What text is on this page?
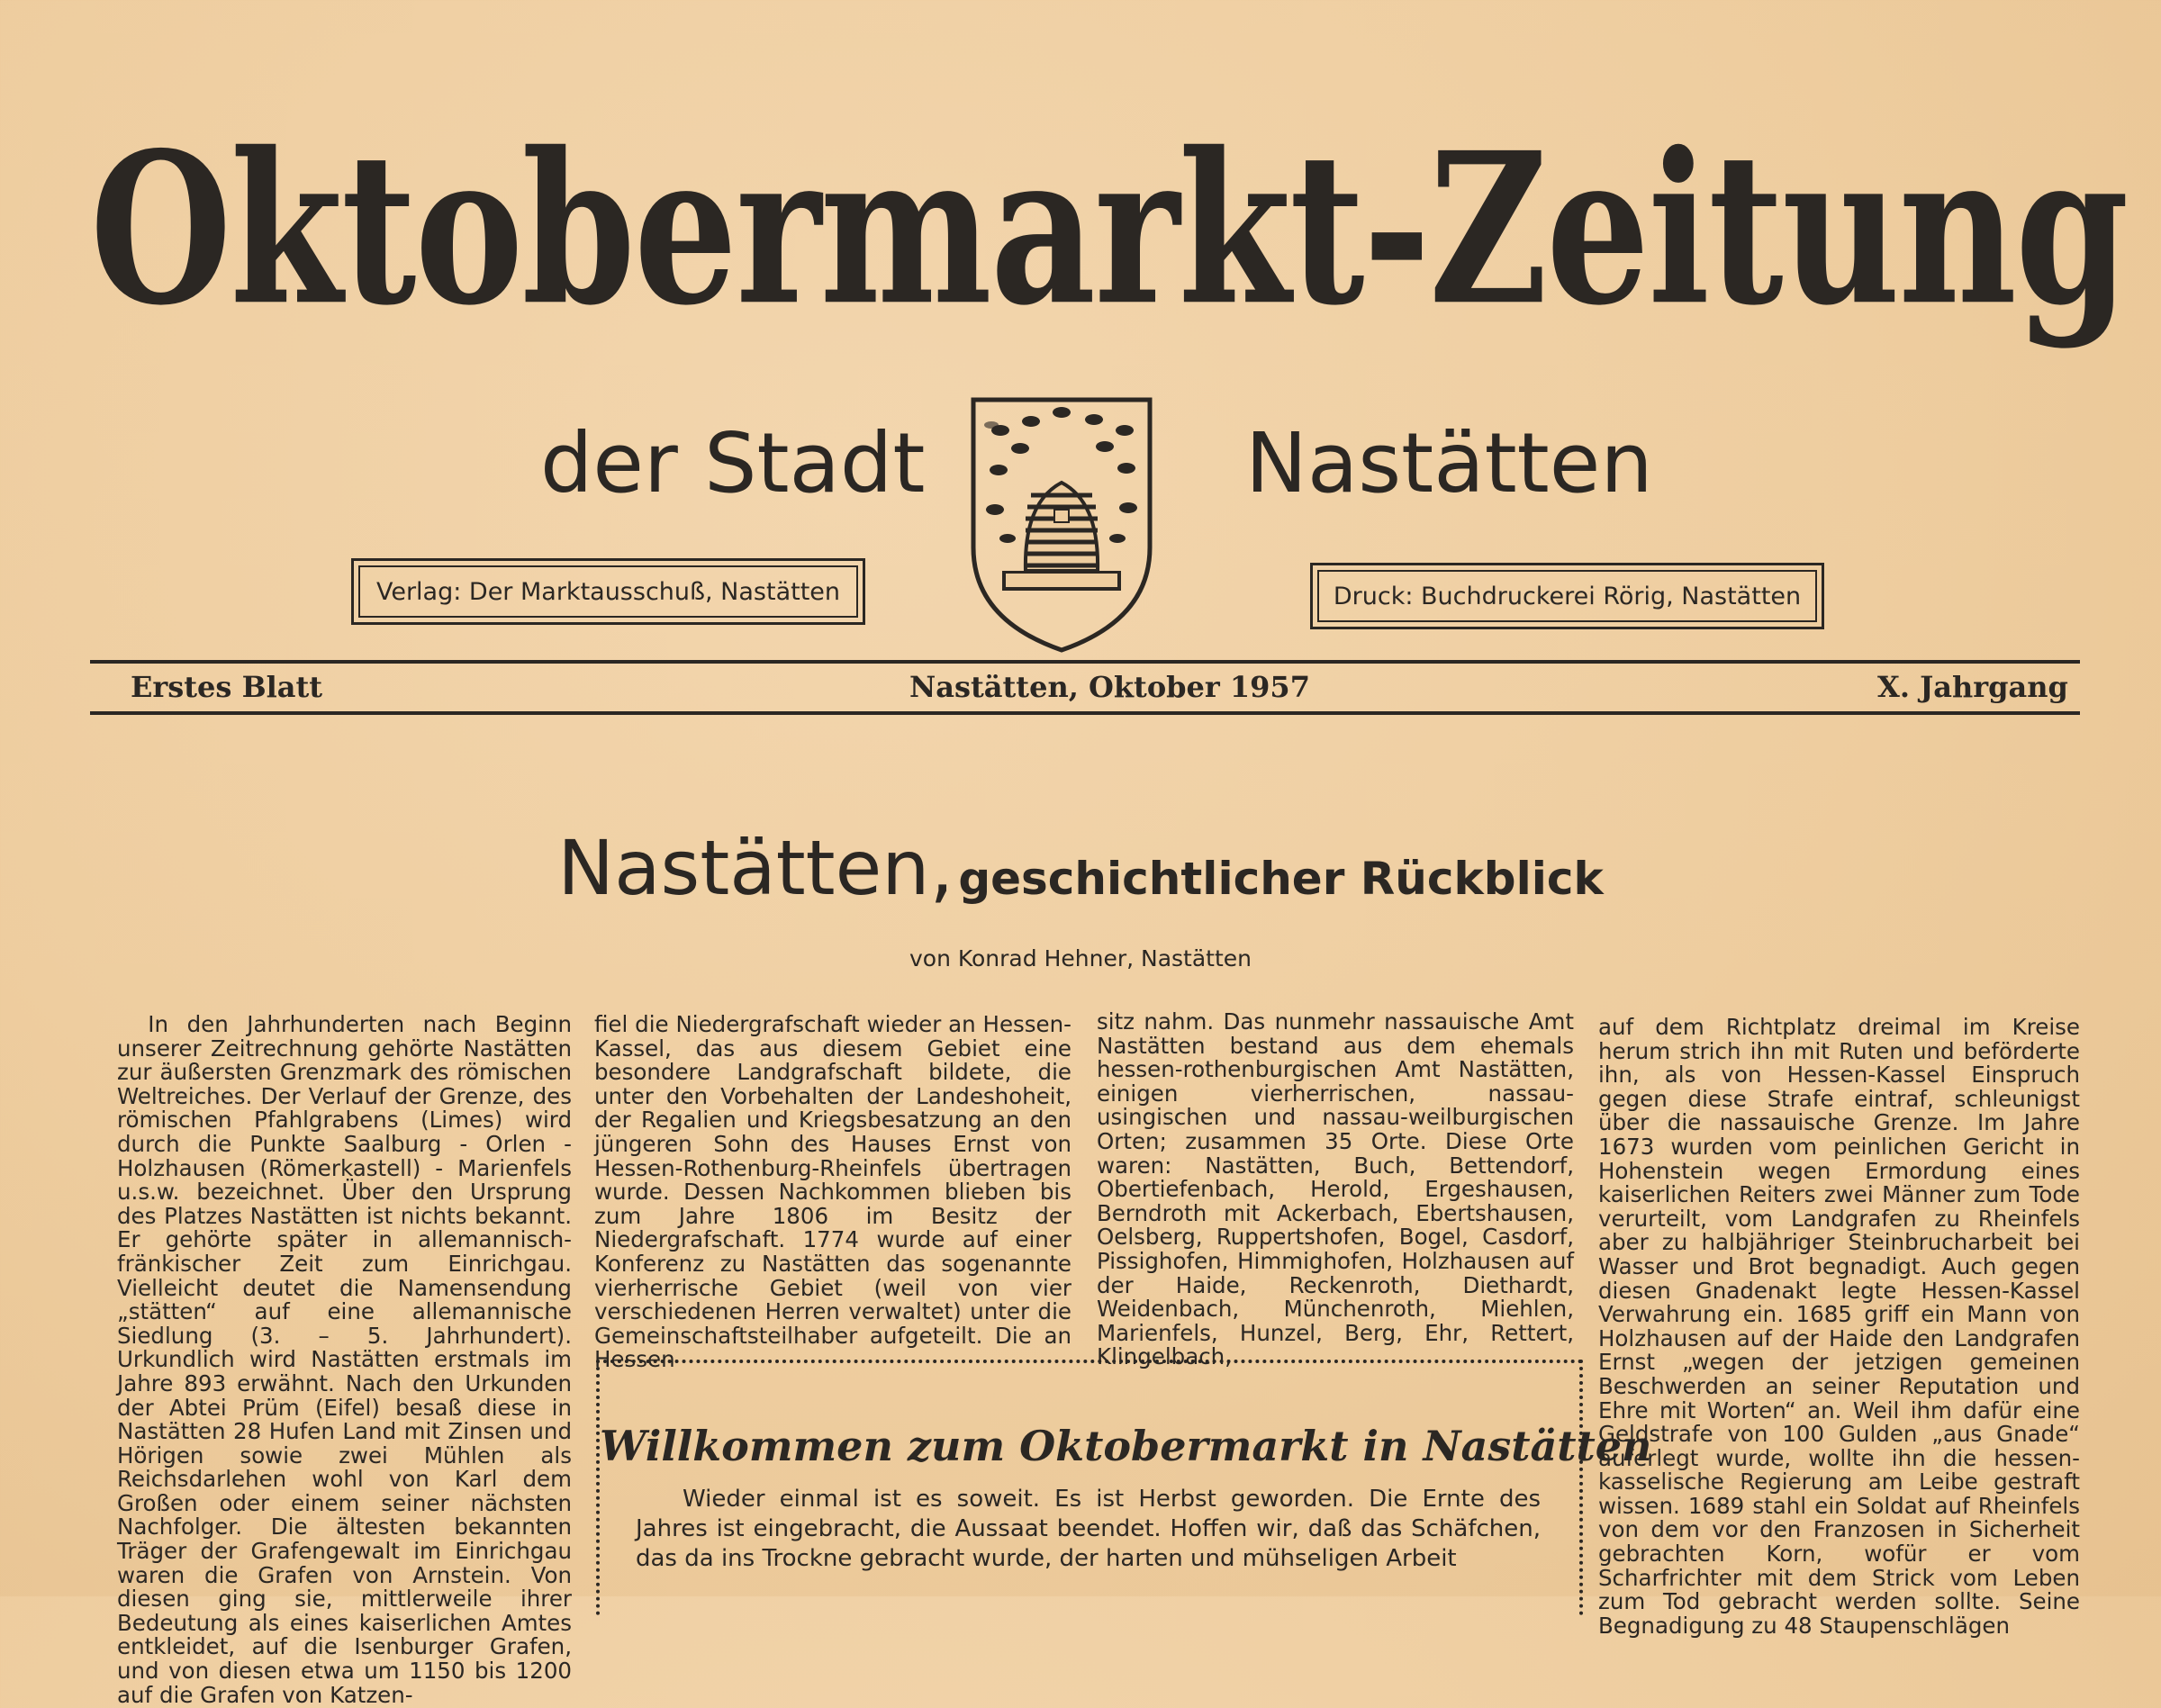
Oktobermarkt-Zeitung
der Stadt	Nastätten
Verlag: Der Marktausschuß, Nastätten	Druck: Buchdruckerei Rörig, Nastätten
Erstes Blatt	Nastätten, Oktober 1957	X. Jahrgang
Nastätten, geschichtlicher Rückblick
von Konrad Hehner, Nastätten

In den Jahrhunderten nach Beginn unserer Zeitrechnung gehörte Nastätten zur äußersten Grenzmark des römischen Weltreiches. Der Verlauf der Grenze, des römischen Pfahlgrabens (Limes) wird durch die Punkte Saalburg - Orlen - Holzhausen (Römerkastell) - Marienfels u.s.w. bezeichnet. Über den Ursprung des Platzes Nastätten ist nichts bekannt. Er gehörte später in allemannisch-fränkischer Zeit zum Einrichgau. Vielleicht deutet die Namensendung „stätten“ auf eine allemannische Siedlung (3. – 5. Jahrhundert). Urkundlich wird Nastätten erstmals im Jahre 893 erwähnt. Nach den Urkunden der Abtei Prüm (Eifel) besaß diese in Nastätten 28 Hufen Land mit Zinsen und Hörigen sowie zwei Mühlen als Reichsdarlehen wohl von Karl dem Großen oder einem seiner nächsten Nachfolger. Die ältesten bekannten Träger der Grafengewalt im Einrichgau waren die Grafen von Arnstein. Von diesen ging sie, mittlerweile ihrer Bedeutung als eines kaiserlichen Amtes entkleidet, auf die Isenburger Grafen, und von diesen etwa um 1150 bis 1200 auf die Grafen von Katzen-

fiel die Niedergrafschaft wieder an Hessen-Kassel, das aus diesem Gebiet eine besondere Landgrafschaft bildete, die unter den Vorbehalten der Landeshoheit, der Regalien und Kriegsbesatzung an den jüngeren Sohn des Hauses Ernst von Hessen-Rothenburg-Rheinfels übertragen wurde. Dessen Nachkommen blieben bis zum Jahre 1806 im Besitz der Niedergrafschaft. 1774 wurde auf einer Konferenz zu Nastätten das sogenannte vierherrische Gebiet (weil von vier verschiedenen Herren verwaltet) unter die Gemeinschaftsteilhaber aufgeteilt. Die an Hessen

sitz nahm. Das nunmehr nassauische Amt Nastätten bestand aus dem ehemals hessen-rothenburgischen Amt Nastätten, einigen vierherrischen, nassau-usingischen und nassau-weilburgischen Orten; zusammen 35 Orte. Diese Orte waren: Nastätten, Buch, Bettendorf, Obertiefenbach, Herold, Ergeshausen, Berndroth mit Ackerbach, Ebertshausen, Oelsberg, Ruppertshofen, Bogel, Casdorf, Pissighofen, Himmighofen, Holzhausen auf der Haide, Reckenroth, Diethardt, Weidenbach, Münchenroth, Miehlen, Marienfels, Hunzel, Berg, Ehr, Rettert, Klingelbach,

auf dem Richtplatz dreimal im Kreise herum strich ihn mit Ruten und beförderte ihn, als von Hessen-Kassel Einspruch gegen diese Strafe eintraf, schleunigst über die nassauische Grenze. Im Jahre 1673 wurden vom peinlichen Gericht in Hohenstein wegen Ermordung eines kaiserlichen Reiters zwei Männer zum Tode verurteilt, vom Landgrafen zu Rheinfels aber zu halbjähriger Steinbrucharbeit bei Wasser und Brot begnadigt. Auch gegen diesen Gnadenakt legte Hessen-Kassel Verwahrung ein. 1685 griff ein Mann von Holzhausen auf der Haide den Landgrafen Ernst „wegen der jetzigen gemeinen Beschwerden an seiner Reputation und Ehre mit Worten“ an. Weil ihm dafür eine Geldstrafe von 100 Gulden „aus Gnade“ auferlegt wurde, wollte ihn die hessen-kasselische Regierung am Leibe gestraft wissen. 1689 stahl ein Soldat auf Rheinfels von dem vor den Franzosen in Sicherheit gebrachten Korn, wofür er vom Scharfrichter mit dem Strick vom Leben zum Tod gebracht werden sollte. Seine Begnadigung zu 48 Staupenschlägen

Willkommen zum Oktobermarkt in Nastätten

Wieder einmal ist es soweit. Es ist Herbst geworden. Die Ernte des Jahres ist eingebracht, die Aussaat beendet. Hoffen wir, daß das Schäfchen, das da ins Trockne gebracht wurde, der harten und mühseligen Arbeit
